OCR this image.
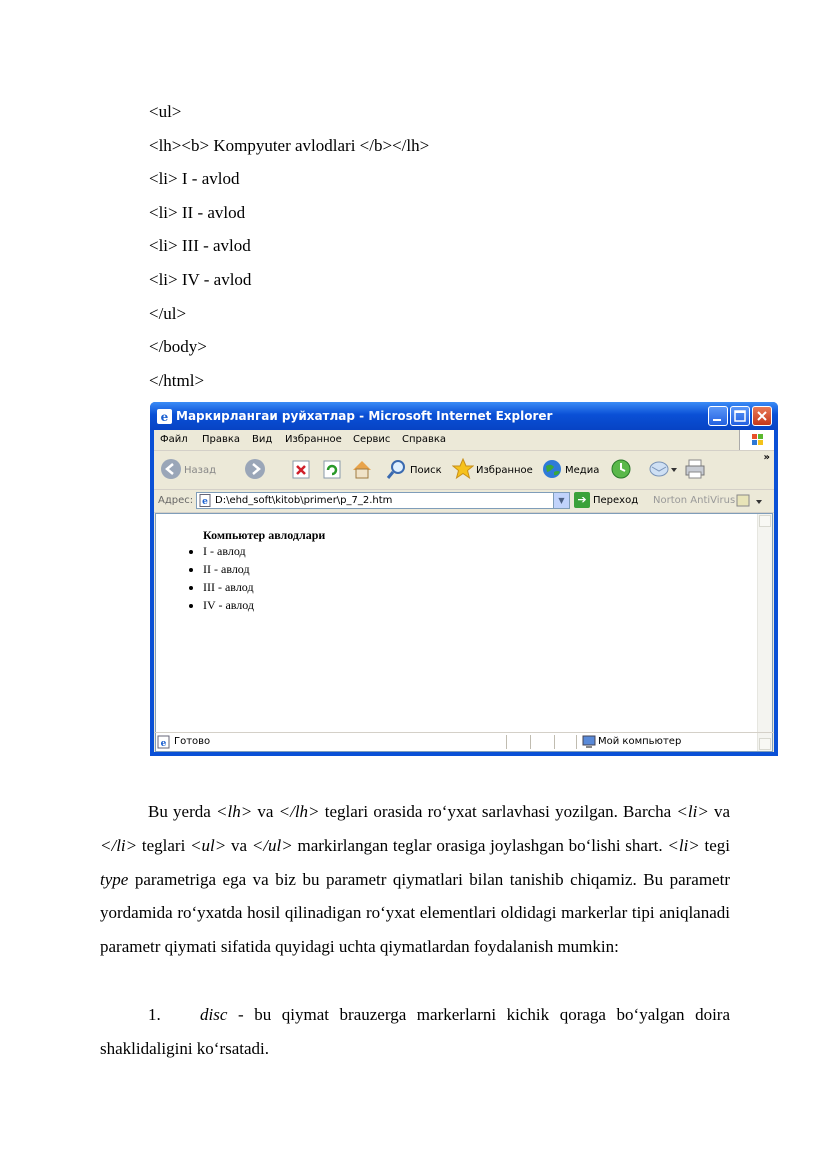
<ul>
<lh><b> Kompyuter avlodlari </b></lh>
<li> I - avlod
<li> II - avlod
<li> III - avlod
<li> IV - avlod
</ul>
</body>
</html>
e Маркирлангаи руйхатлар - Microsoft Internet Explorer
Файл Правка Вид Избранное Сервис Справка
Назад	Поиск	Избранное	Медиа
»
Адрес: e D:\ehd_soft\kitob\primer\p_7_2.htm	▼	➔ Переход Norton AntiVirus
Компьютер авлодлари
• I - авлод
• II - авлод
• III - авлод
• IV - авлод
e Готово	Мой компьютер
Bu yerda <lh> va </lh> teglari orasida ro‘yxat sarlavhasi yozilgan. Barcha <li> va </li> teglari <ul> va </ul> markirlangan teglar orasiga joylashgan bo‘lishi shart. <li> tegi type parametriga ega va biz bu parametr qiymatlari bilan tanishib chiqamiz. Bu parametr yordamida ro‘yxatda hosil qilinadigan ro‘yxat elementlari oldidagi markerlar tipi aniqlanadi parametr qiymati sifatida quyidagi uchta qiymatlardan foydalanish mumkin:
1. disc - bu qiymat brauzerga markerlarni kichik qoraga bo‘yalgan doira shaklidaligini ko‘rsatadi.
